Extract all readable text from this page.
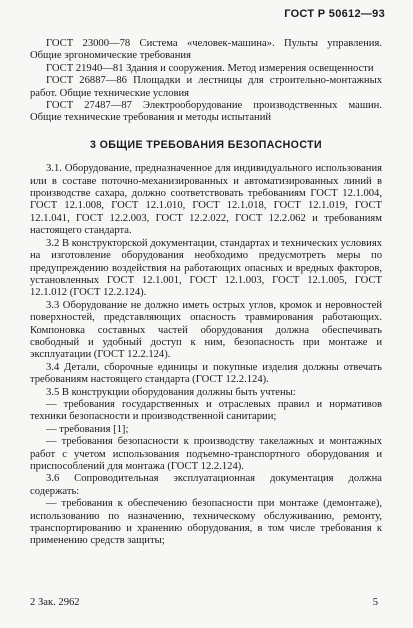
ГОСТ Р 50612—93

ГОСТ 23000—78 Система «человек-машина». Пульты управления. Общие эргономические требования

ГОСТ 21940—81 Здания и сооружения. Метод измерения освещенности

ГОСТ 26887—86 Площадки и лестницы для строительно-монтажных работ. Общие технические условия

ГОСТ 27487—87 Электрооборудование производственных машин. Общие технические требования и методы испытаний

3 ОБЩИЕ ТРЕБОВАНИЯ БЕЗОПАСНОСТИ

3.1. Оборудование, предназначенное для индивидуального использования или в составе поточно-механизированных и автоматизированных линий в производстве сахара, должно соответствовать требованиям ГОСТ 12.1.004, ГОСТ 12.1.008, ГОСТ 12.1.010, ГОСТ 12.1.018, ГОСТ 12.1.019, ГОСТ 12.1.041, ГОСТ 12.2.003, ГОСТ 12.2.022, ГОСТ 12.2.062 и требованиям настоящего стандарта.

3.2 В конструкторской документации, стандартах и технических условиях на изготовление оборудования необходимо предусмотреть меры по предупреждению воздействия на работающих опасных и вредных факторов, установленных ГОСТ 12.1.001, ГОСТ 12.1.003, ГОСТ 12.1.005, ГОСТ 12.1.012 (ГОСТ 12.2.124).

3.3 Оборудование не должно иметь острых углов, кромок и неровностей поверхностей, представляющих опасность травмирования работающих. Компоновка составных частей оборудования должна обеспечивать свободный и удобный доступ к ним, безопасность при монтаже и эксплуатации (ГОСТ 12.2.124).

3.4 Детали, сборочные единицы и покупные изделия должны отвечать требованиям настоящего стандарта (ГОСТ 12.2.124).

3.5 В конструкции оборудования должны быть учтены:

— требования государственных и отраслевых правил и нормативов техники безопасности и производственной санитарии;

— требования [1];

— требования безопасности к производству такелажных и монтажных работ с учетом использования подъемно-транспортного оборудования и приспособлений для монтажа (ГОСТ 12.2.124).

3.6 Сопроводительная эксплуатационная документация должна содержать:

— требования к обеспечению безопасности при монтаже (демонтаже), использованию по назначению, техническому обслуживанию, ремонту, транспортированию и хранению оборудования, в том числе требования к применению средств защиты;

2 Зак. 2962	5
